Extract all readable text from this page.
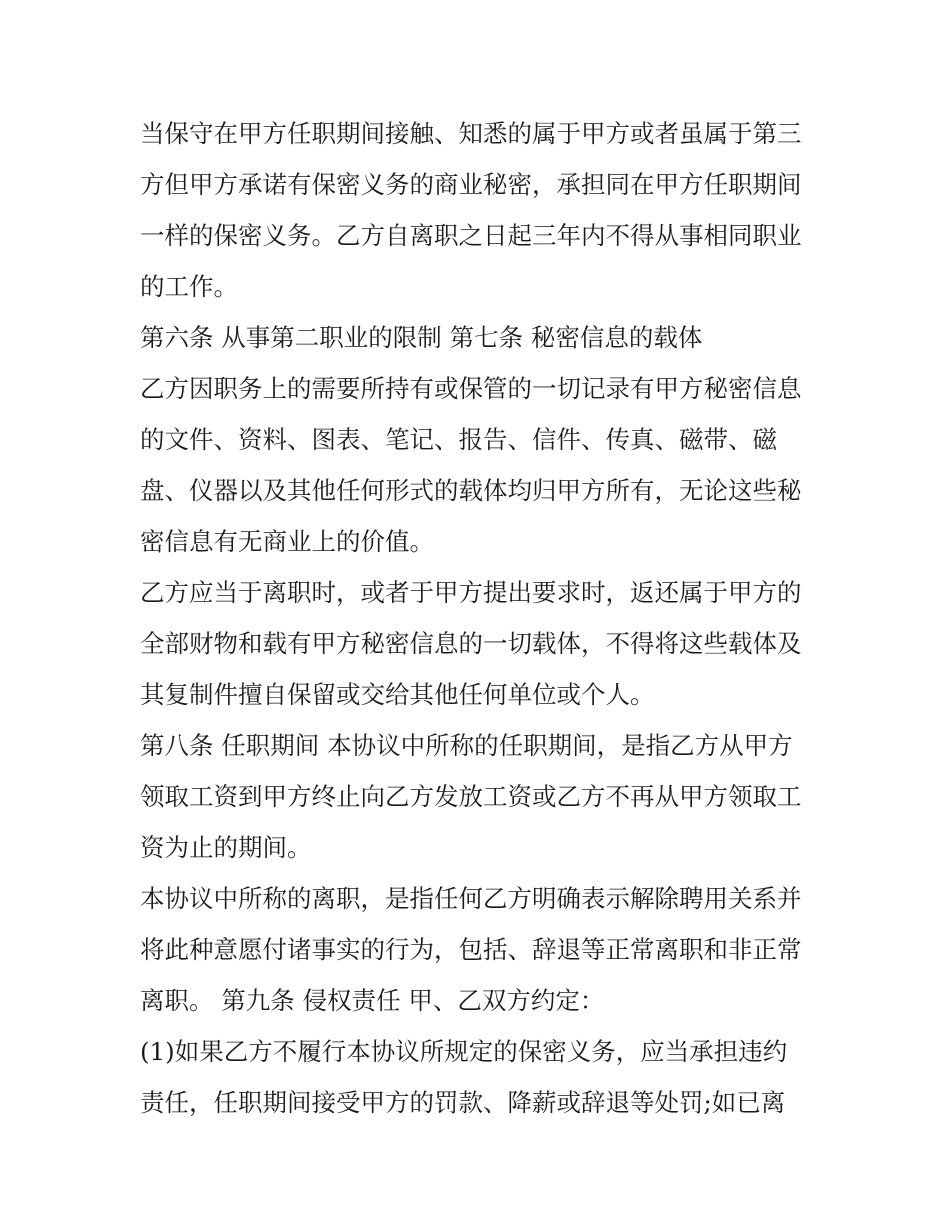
当保守在甲方任职期间接触、知悉的属于甲方或者虽属于第三
方但甲方承诺有保密义务的商业秘密，承担同在甲方任职期间
一样的保密义务。乙方自离职之日起三年内不得从事相同职业
的工作。
第六条 从事第二职业的限制 第七条 秘密信息的载体
乙方因职务上的需要所持有或保管的一切记录有甲方秘密信息
的文件、资料、图表、笔记、报告、信件、传真、磁带、磁
盘、仪器以及其他任何形式的载体均归甲方所有，无论这些秘
密信息有无商业上的价值。
乙方应当于离职时，或者于甲方提出要求时，返还属于甲方的
全部财物和载有甲方秘密信息的一切载体，不得将这些载体及
其复制件擅自保留或交给其他任何单位或个人。
第八条 任职期间 本协议中所称的任职期间，是指乙方从甲方
领取工资到甲方终止向乙方发放工资或乙方不再从甲方领取工
资为止的期间。
本协议中所称的离职，是指任何乙方明确表示解除聘用关系并
将此种意愿付诸事实的行为，包括、辞退等正常离职和非正常
离职。 第九条 侵权责任 甲、乙双方约定：
(1)如果乙方不履行本协议所规定的保密义务，应当承担违约
责任，任职期间接受甲方的罚款、降薪或辞退等处罚;如已离
